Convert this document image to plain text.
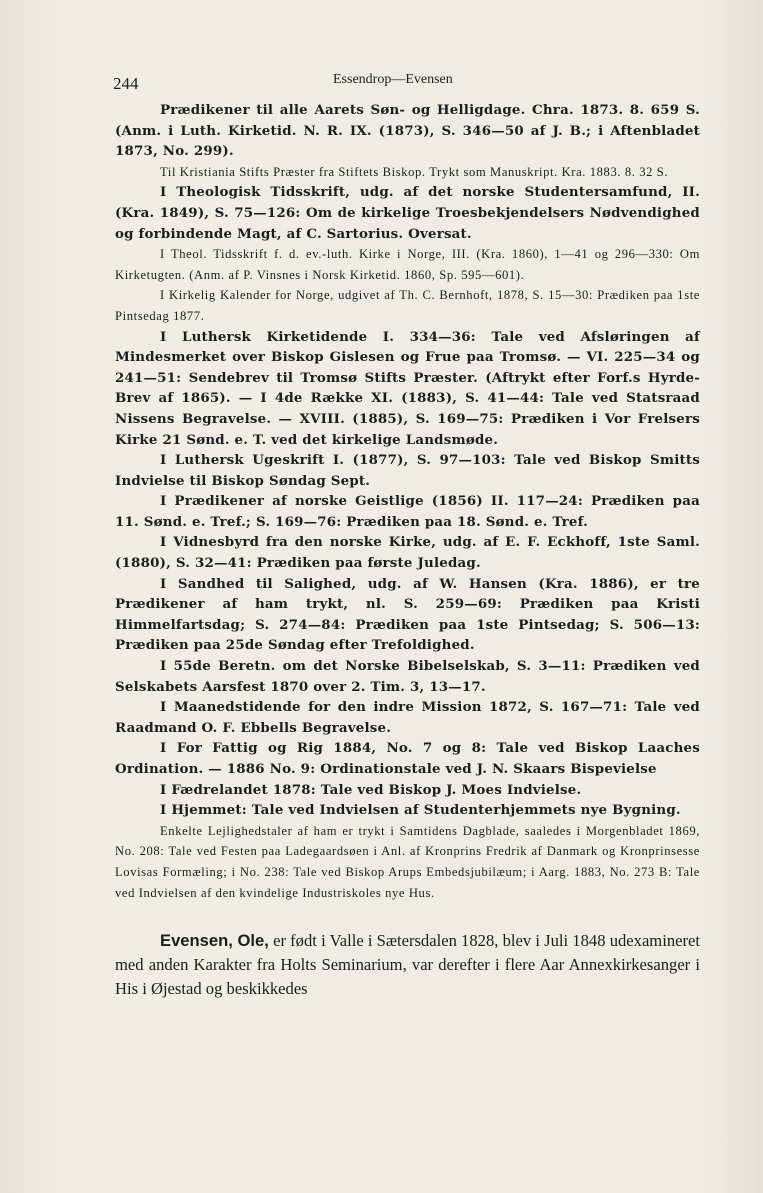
244	Essendrop—Evensen

Prædikener til alle Aarets Søn- og Helligdage. Chra. 1873. 8. 659 S. (Anm. i Luth. Kirketid. N. R. IX. (1873), S. 346—50 af J. B.; i Aftenbladet 1873, No. 299).

Til Kristiania Stifts Præster fra Stiftets Biskop. Trykt som Manuskript. Kra. 1883. 8. 32 S.

I Theologisk Tidsskrift, udg. af det norske Studentersamfund, II. (Kra. 1849), S. 75—126: Om de kirkelige Troesbekjendelsers Nødvendighed og forbindende Magt, af C. Sartorius. Oversat.

I Theol. Tidsskrift f. d. ev.-luth. Kirke i Norge, III. (Kra. 1860), 1—41 og 296—330: Om Kirketugten. (Anm. af P. Vinsnes i Norsk Kirketid. 1860, Sp. 595—601).

I Kirkelig Kalender for Norge, udgivet af Th. C. Bernhoft, 1878, S. 15—30: Prædiken paa 1ste Pintsedag 1877.

I Luthersk Kirketidende I. 334—36: Tale ved Afsløringen af Mindesmerket over Biskop Gislesen og Frue paa Tromsø. — VI. 225—34 og 241—51: Sendebrev til Tromsø Stifts Præster. (Aftrykt efter Forf.s Hyrde-Brev af 1865). — I 4de Række XI. (1883), S. 41—44: Tale ved Statsraad Nissens Begravelse. — XVIII. (1885), S. 169—75: Prædiken i Vor Frelsers Kirke 21 Sønd. e. T. ved det kirkelige Landsmøde.

I Luthersk Ugeskrift I. (1877), S. 97—103: Tale ved Biskop Smitts Indvielse til Biskop Søndag Sept.

I Prædikener af norske Geistlige (1856) II. 117—24: Prædiken paa 11. Sønd. e. Tref.; S. 169—76: Prædiken paa 18. Sønd. e. Tref.

I Vidnesbyrd fra den norske Kirke, udg. af E. F. Eckhoff, 1ste Saml. (1880), S. 32—41: Prædiken paa første Juledag.

I Sandhed til Salighed, udg. af W. Hansen (Kra. 1886), er tre Prædikener af ham trykt, nl. S. 259—69: Prædiken paa Kristi Himmelfartsdag; S. 274—84: Prædiken paa 1ste Pintsedag; S. 506—13: Prædiken paa 25de Søndag efter Trefoldighed.

I 55de Beretn. om det Norske Bibelselskab, S. 3—11: Prædiken ved Selskabets Aarsfest 1870 over 2. Tim. 3, 13—17.

I Maanedstidende for den indre Mission 1872, S. 167—71: Tale ved Raadmand O. F. Ebbells Begravelse.

I For Fattig og Rig 1884, No. 7 og 8: Tale ved Biskop Laaches Ordination. — 1886 No. 9: Ordinationstale ved J. N. Skaars Bispevielse

I Fædrelandet 1878: Tale ved Biskop J. Moes Indvielse.

I Hjemmet: Tale ved Indvielsen af Studenterhjemmets nye Bygning.

Enkelte Lejlighedstaler af ham er trykt i Samtidens Dagblade, saaledes i Morgenbladet 1869, No. 208: Tale ved Festen paa Ladegaardsøen i Anl. af Kronprins Fredrik af Danmark og Kronprinsesse Lovisas Formæling; i No. 238: Tale ved Biskop Arups Embedsjubilæum; i Aarg. 1883, No. 273 B: Tale ved Indvielsen af den kvindelige Industriskoles nye Hus.

Evensen, Ole, er født i Valle i Sætersdalen 1828, blev i Juli 1848 udexamineret med anden Karakter fra Holts Seminarium, var derefter i flere Aar Annexkirkesanger i His i Øjestad og beskikkedes
